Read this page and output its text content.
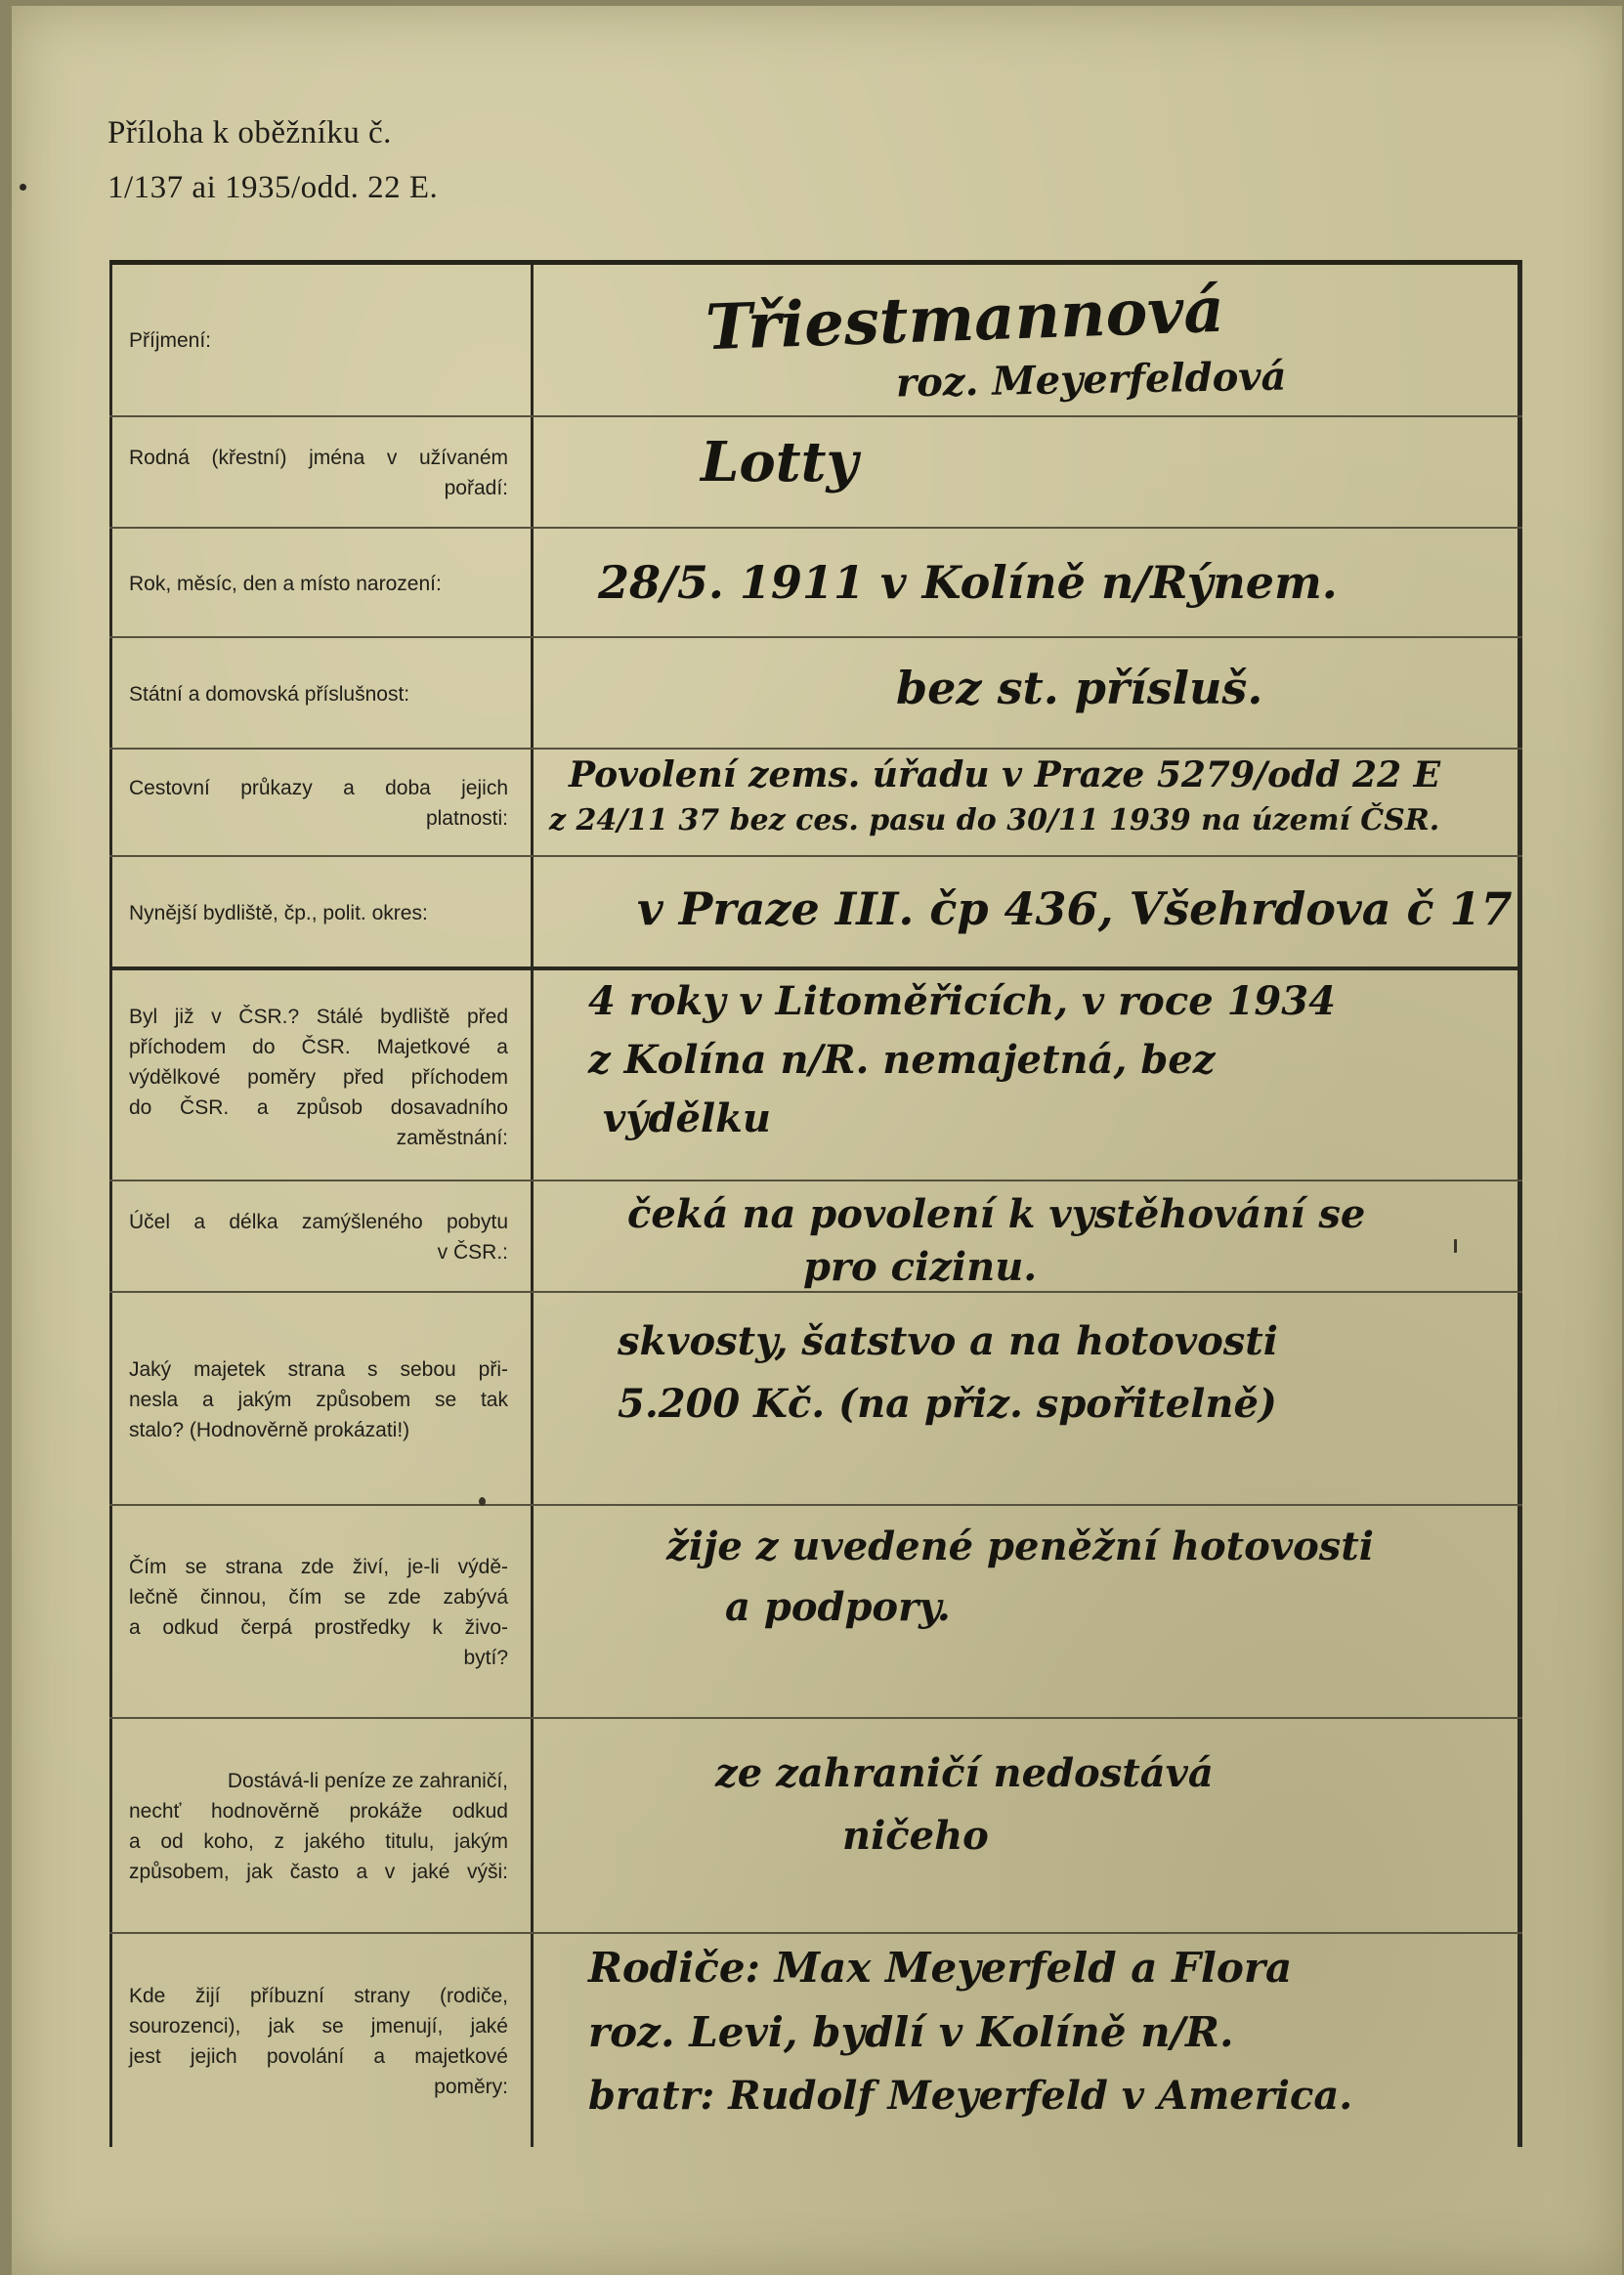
Příloha k oběžníku č.
1/137 ai 1935/odd. 22 E.
Příjmení:	Třiestmannová
roz. Meyerfeldová
Rodná (křestní) jména v užívaném
pořadí:	Lotty
Rok, měsíc, den a místo narození:	28/5. 1911 v Kolíně n/Rýnem.
Státní a domovská příslušnost:	bez st. přísluš.
Cestovní průkazy a doba jejich
platnosti:
Povolení zems. úřadu v Praze 5279/odd 22 E
z 24/11 37 bez ces. pasu do 30/11 1939 na území ČSR.
Nynější bydliště, čp., polit. okres:	v Praze III. čp 436, Všehrdova č 17
Byl již v ČSR.? Stálé bydliště před
příchodem do ČSR. Majetkové a
výdělkové poměry před příchodem
do ČSR. a způsob dosavadního
zaměstnání:
4 roky v Litoměřicích, v roce 1934
z Kolína n/R. nemajetná, bez
výdělku
Účel a délka zamýšleného pobytu
v ČSR.:
čeká na povolení k vystěhování se
pro cizinu.
Jaký majetek strana s sebou při-
nesla a jakým způsobem se tak
stalo? (Hodnověrně prokázati!)
skvosty, šatstvo a na hotovosti
5.200 Kč. (na přiz. spořitelně)
Čím se strana zde živí, je-li výdě-
lečně činnou, čím se zde zabývá
a odkud čerpá prostředky k živo-
bytí?
žije z uvedené peněžní hotovosti
a podpory.
Dostává-li peníze ze zahraničí,
nechť hodnověrně prokáže odkud
a od koho, z jakého titulu, jakým
způsobem, jak často a v jaké výši:
ze zahraničí nedostává
ničeho
Kde žijí příbuzní strany (rodiče,
sourozenci), jak se jmenují, jaké
jest jejich povolání a majetkové
poměry:
Rodiče: Max Meyerfeld a Flora
roz. Levi, bydlí v Kolíně n/R.
bratr: Rudolf Meyerfeld v America.
